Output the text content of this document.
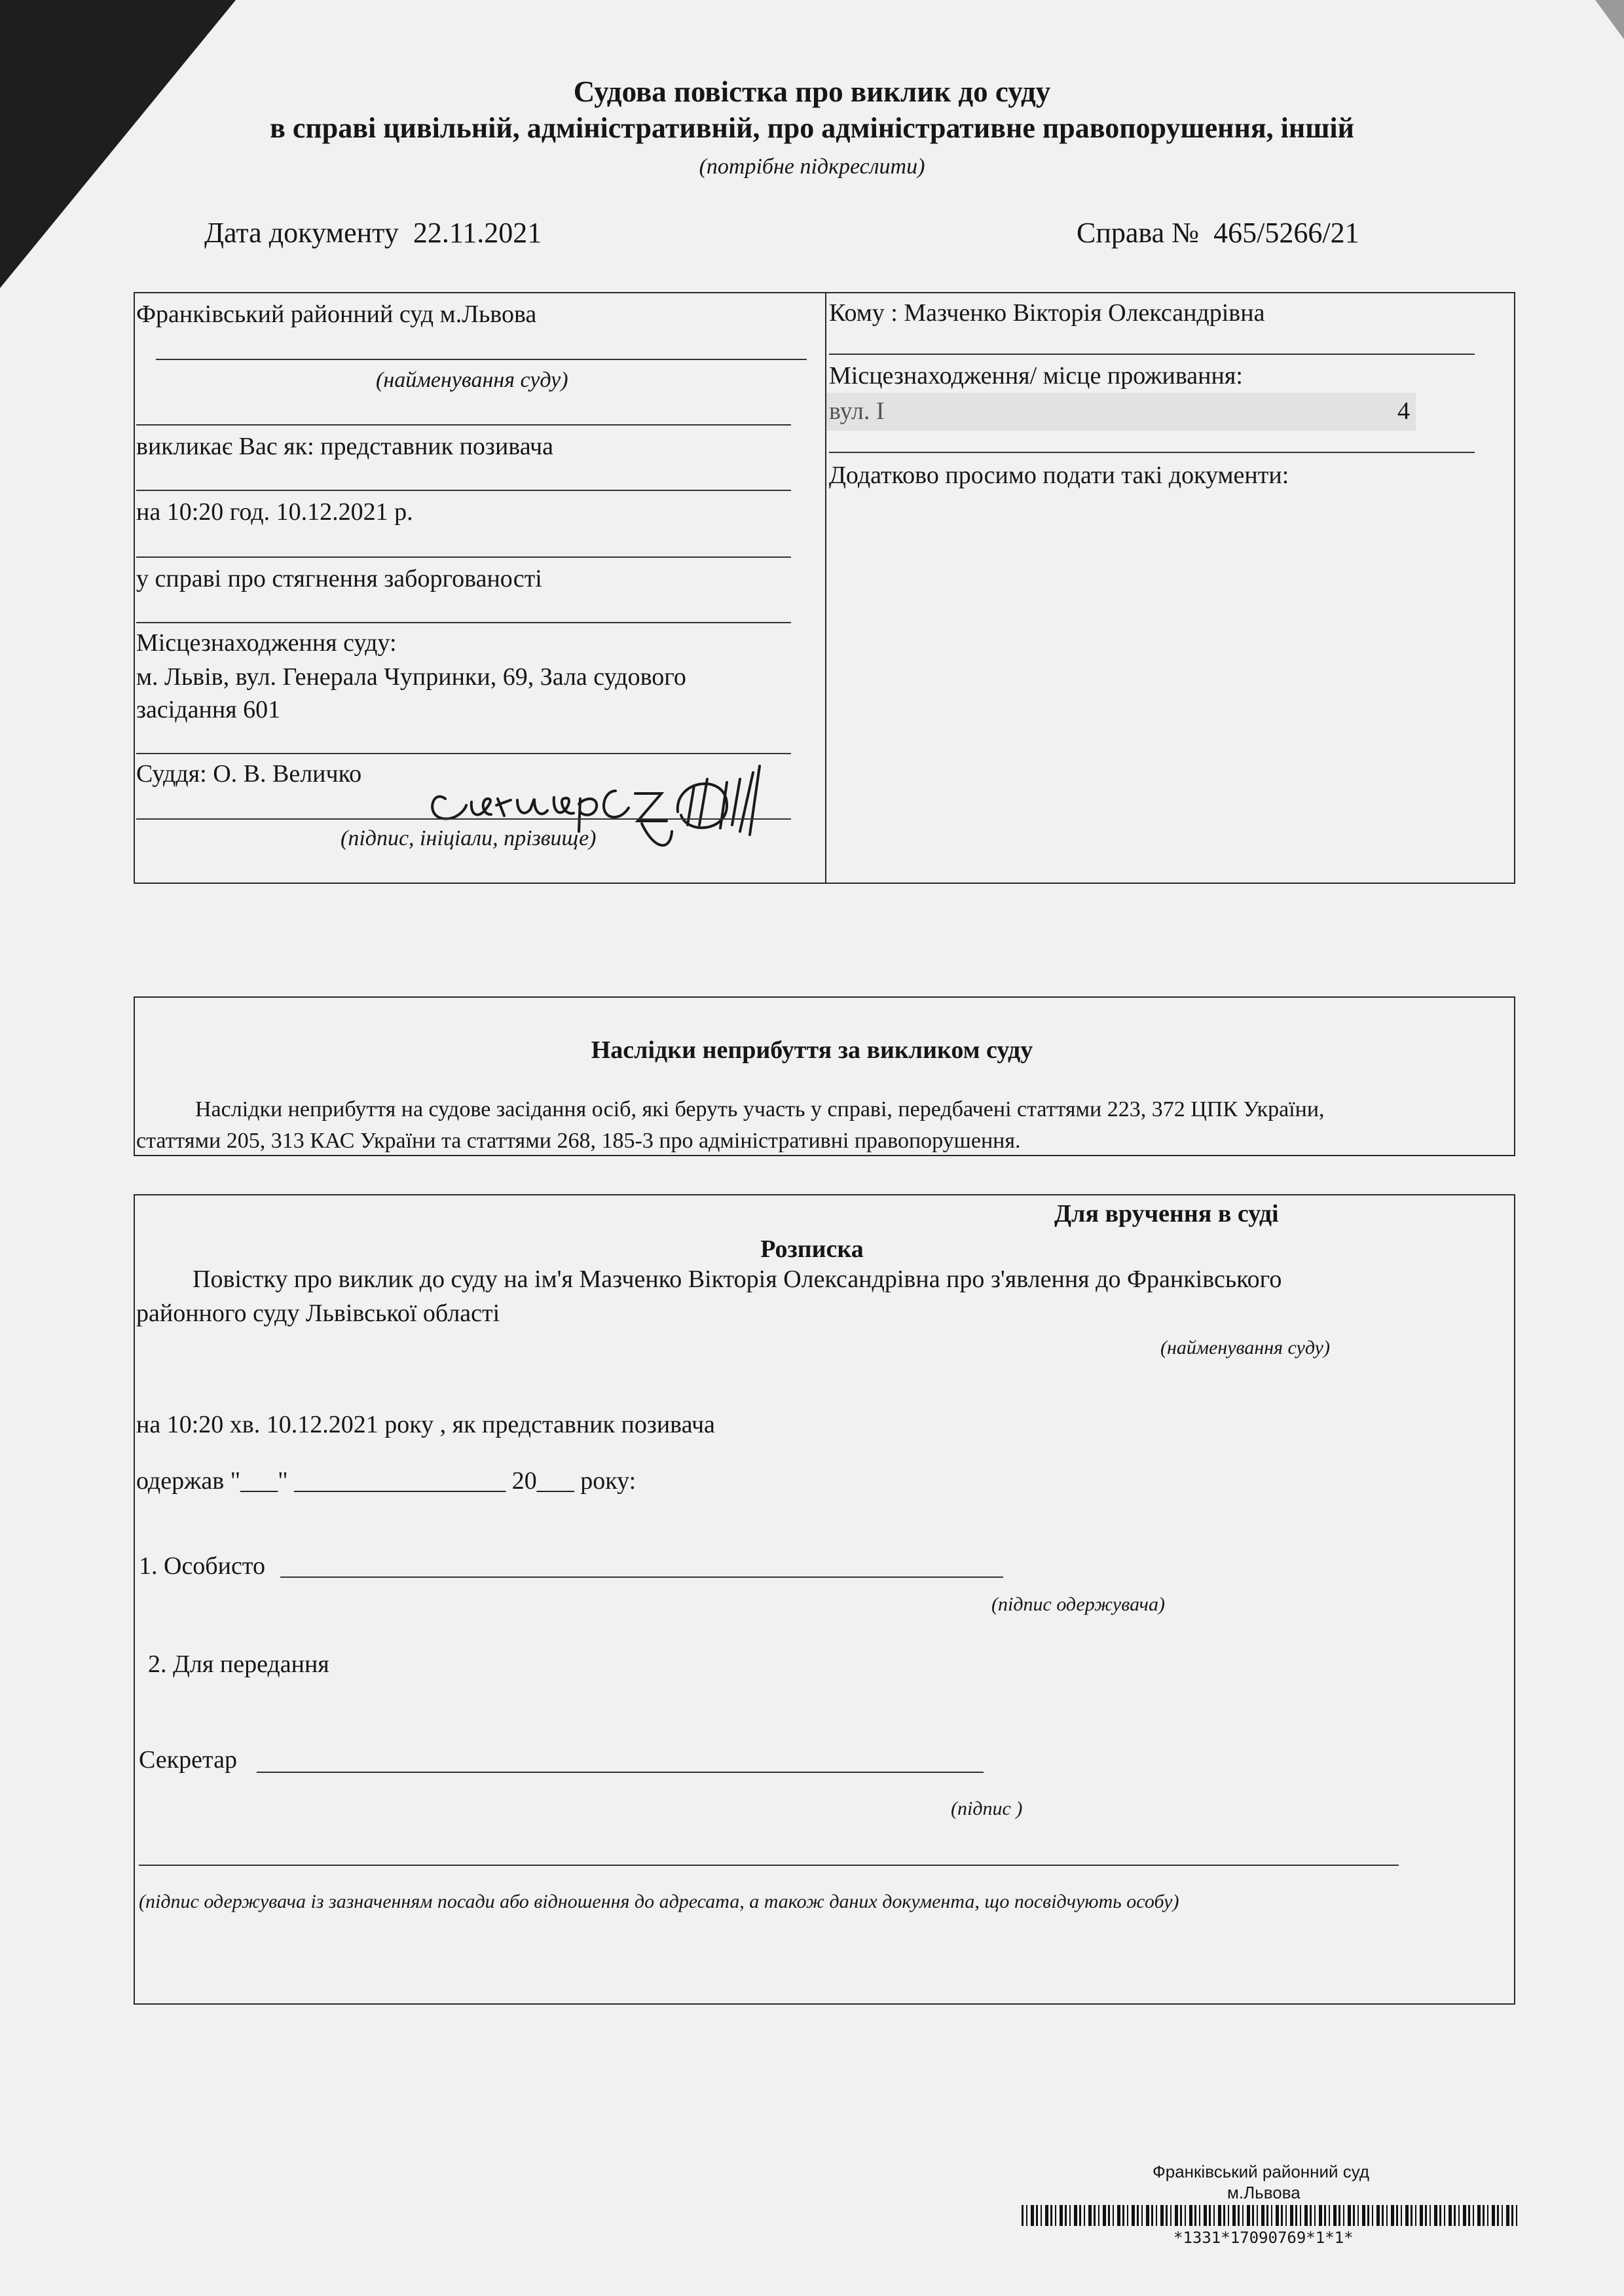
Судова повістка про виклик до суду
в справі цивільній, адміністративній, про адміністративне правопорушення, іншій
(потрібне підкреслити)
Дата документу 22.11.2021	Справа № 465/5266/21
Франківський районний суд м.Львова
(найменування суду)
викликає Вас як: представник позивача
на 10:20 год. 10.12.2021 р.
у справі про стягнення заборгованості
Місцезнаходження суду:
м. Львів, вул. Генерала Чупринки, 69, Зала судового
засідання 601
Суддя: О. В. Величко
(підпис, ініціали, прізвище)
Кому : Мазченко Вікторія Олександрівна
Місцезнаходження/ місце проживання:
вул. І	4
Додатково просимо подати такі документи:
Наслідки неприбуття за викликом суду
Наслідки неприбуття на судове засідання осіб, які беруть участь у справі, передбачені статтями 223, 372 ЦПК України,
статтями 205, 313 КАС України та статтями 268, 185-3 про адміністративні правопорушення.
Для вручення в суді
Розписка
Повістку про виклик до суду на ім'я Мазченко Вікторія Олександрівна про з'явлення до Франківського
районного суду Львівської області
(найменування суду)
на 10:20 хв. 10.12.2021 року , як представник позивача
одержав "___" _________________ 20___ року:
1. Особисто
(підпис одержувача)
2. Для передання
Секретар
(підпис )
(підпис одержувача із зазначенням посади або відношення до адресата, а також даних документа, що посвідчують особу)
Франківський районний суд
м.Львова
*1331*17090769*1*1*
